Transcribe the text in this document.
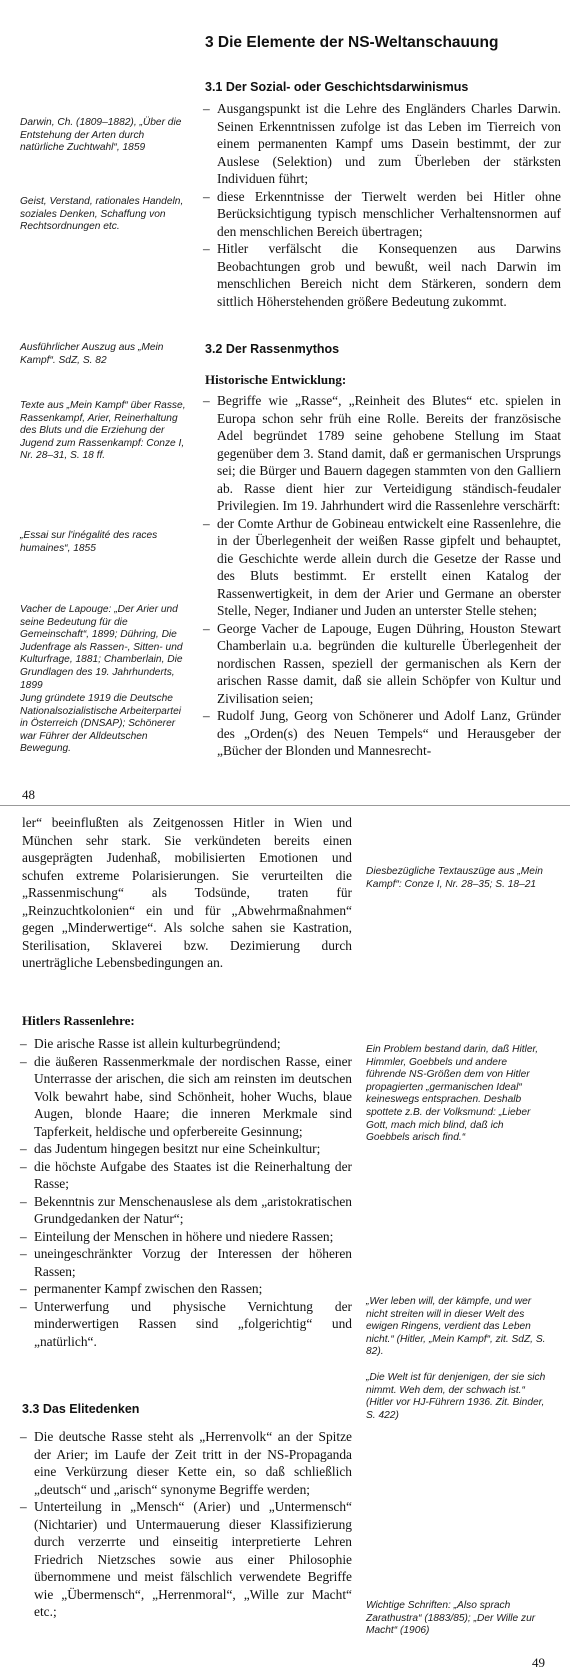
3 Die Elemente der NS-Weltanschauung
3.1 Der Sozial- oder Geschichtsdarwinismus
– Ausgangspunkt ist die Lehre des Engländers Charles Darwin. Seinen Erkenntnissen zufolge ist das Leben im Tierreich von einem permanenten Kampf ums Dasein bestimmt, der zur Auslese (Selektion) und zum Überleben der stärksten Individuen führt;
– diese Erkenntnisse der Tierwelt werden bei Hitler ohne Berücksichtigung typisch menschlicher Verhaltensnormen auf den menschlichen Bereich übertragen;
– Hitler verfälscht die Konsequenzen aus Darwins Beobachtungen grob und bewußt, weil nach Darwin im menschlichen Bereich nicht dem Stärkeren, sondern dem sittlich Höherstehenden größere Bedeutung zukommt.
3.2 Der Rassenmythos
Historische Entwicklung:
– Begriffe wie „Rasse“, „Reinheit des Blutes“ etc. spielen in Europa schon sehr früh eine Rolle. Bereits der französische Adel begründet 1789 seine gehobene Stellung im Staat gegenüber dem 3. Stand damit, daß er germanischen Ursprungs sei; die Bürger und Bauern dagegen stammten von den Galliern ab. Rasse dient hier zur Verteidigung ständisch-feudaler Privilegien. Im 19. Jahrhundert wird die Rassenlehre verschärft:
– der Comte Arthur de Gobineau entwickelt eine Rassenlehre, die in der Überlegenheit der weißen Rasse gipfelt und behauptet, die Geschichte werde allein durch die Gesetze der Rasse und des Bluts bestimmt. Er erstellt einen Katalog der Rassenwertigkeit, in dem der Arier und Germane an oberster Stelle, Neger, Indianer und Juden an unterster Stelle stehen;
– George Vacher de Lapouge, Eugen Dühring, Houston Stewart Chamberlain u.a. begründen die kulturelle Überlegenheit der nordischen Rassen, speziell der germanischen als Kern der arischen Rasse damit, daß sie allein Schöpfer von Kultur und Zivilisation seien;
– Rudolf Jung, Georg von Schönerer und Adolf Lanz, Gründer des „Orden(s) des Neuen Tempels“ und Herausgeber der „Bücher der Blonden und Mannesrecht-
Darwin, Ch. (1809–1882), „Über die Entstehung der Arten durch natürliche Zuchtwahl“, 1859
Geist, Verstand, rationales Handeln, soziales Denken, Schaffung von Rechtsordnungen etc.
Ausführlicher Auszug aus „Mein Kampf“. SdZ, S. 82
Texte aus „Mein Kampf“ über Rasse, Rassenkampf, Arier, Reinerhaltung des Bluts und die Erziehung der Jugend zum Rassenkampf: Conze I, Nr. 28–31, S. 18 ff.
„Essai sur l'inégalité des races humaines“, 1855
Vacher de Lapouge: „Der Arier und seine Bedeutung für die Gemeinschaft“, 1899; Dühring, Die Judenfrage als Rassen-, Sitten- und Kulturfrage, 1881; Chamberlain, Die Grundlagen des 19. Jahrhunderts, 1899
Jung gründete 1919 die Deutsche Nationalsozialistische Arbeiterpartei in Österreich (DNSAP); Schönerer war Führer der Alldeutschen Bewegung.
48

ler“ beeinflußten als Zeitgenossen Hitler in Wien und München sehr stark. Sie verkündeten bereits einen ausgeprägten Judenhaß, mobilisierten Emotionen und schufen extreme Polarisierungen. Sie verurteilten die „Rassenmischung“ als Todsünde, traten für „Reinzuchtkolonien“ ein und für „Abwehrmaßnahmen“ gegen „Minderwertige“. Als solche sahen sie Kastration, Sterilisation, Sklaverei bzw. Dezimierung durch unerträgliche Lebensbedingungen an.

Hitlers Rassenlehre:
– Die arische Rasse ist allein kulturbegründend;
– die äußeren Rassenmerkmale der nordischen Rasse, einer Unterrasse der arischen, die sich am reinsten im deutschen Volk bewahrt habe, sind Schönheit, hoher Wuchs, blaue Augen, blonde Haare; die inneren Merkmale sind Tapferkeit, heldische und opferbereite Gesinnung;
– das Judentum hingegen besitzt nur eine Scheinkultur;
– die höchste Aufgabe des Staates ist die Reinerhaltung der Rasse;
– Bekenntnis zur Menschenauslese als dem „aristokratischen Grundgedanken der Natur“;
– Einteilung der Menschen in höhere und niedere Rassen;
– uneingeschränkter Vorzug der Interessen der höheren Rassen;
– permanenter Kampf zwischen den Rassen;
– Unterwerfung und physische Vernichtung der minderwertigen Rassen sind „folgerichtig“ und „natürlich“.
3.3 Das Elitedenken
– Die deutsche Rasse steht als „Herrenvolk“ an der Spitze der Arier; im Laufe der Zeit tritt in der NS-Propaganda eine Verkürzung dieser Kette ein, so daß schließlich „deutsch“ und „arisch“ synonyme Begriffe werden;
– Unterteilung in „Mensch“ (Arier) und „Untermensch“ (Nichtarier) und Untermauerung dieser Klassifizierung durch verzerrte und einseitig interpretierte Lehren Friedrich Nietzsches sowie aus einer Philosophie übernommene und meist fälschlich verwendete Begriffe wie „Übermensch“, „Herrenmoral“, „Wille zur Macht“ etc.;
Diesbezügliche Textauszüge aus „Mein Kampf“: Conze I, Nr. 28–35; S. 18–21
Ein Problem bestand darin, daß Hitler, Himmler, Goebbels und andere führende NS-Größen dem von Hitler propagierten „germanischen Ideal“ keineswegs entsprachen. Deshalb spottete z.B. der Volksmund: „Lieber Gott, mach mich blind, daß ich Goebbels arisch find.“
„Wer leben will, der kämpfe, und wer nicht streiten will in dieser Welt des ewigen Ringens, verdient das Leben nicht.“ (Hitler, „Mein Kampf“, zit. SdZ, S. 82).
„Die Welt ist für denjenigen, der sie sich nimmt. Weh dem, der schwach ist.“ (Hitler vor HJ-Führern 1936. Zit. Binder, S. 422)
Wichtige Schriften: „Also sprach Zarathustra“ (1883/85); „Der Wille zur Macht“ (1906)
49
